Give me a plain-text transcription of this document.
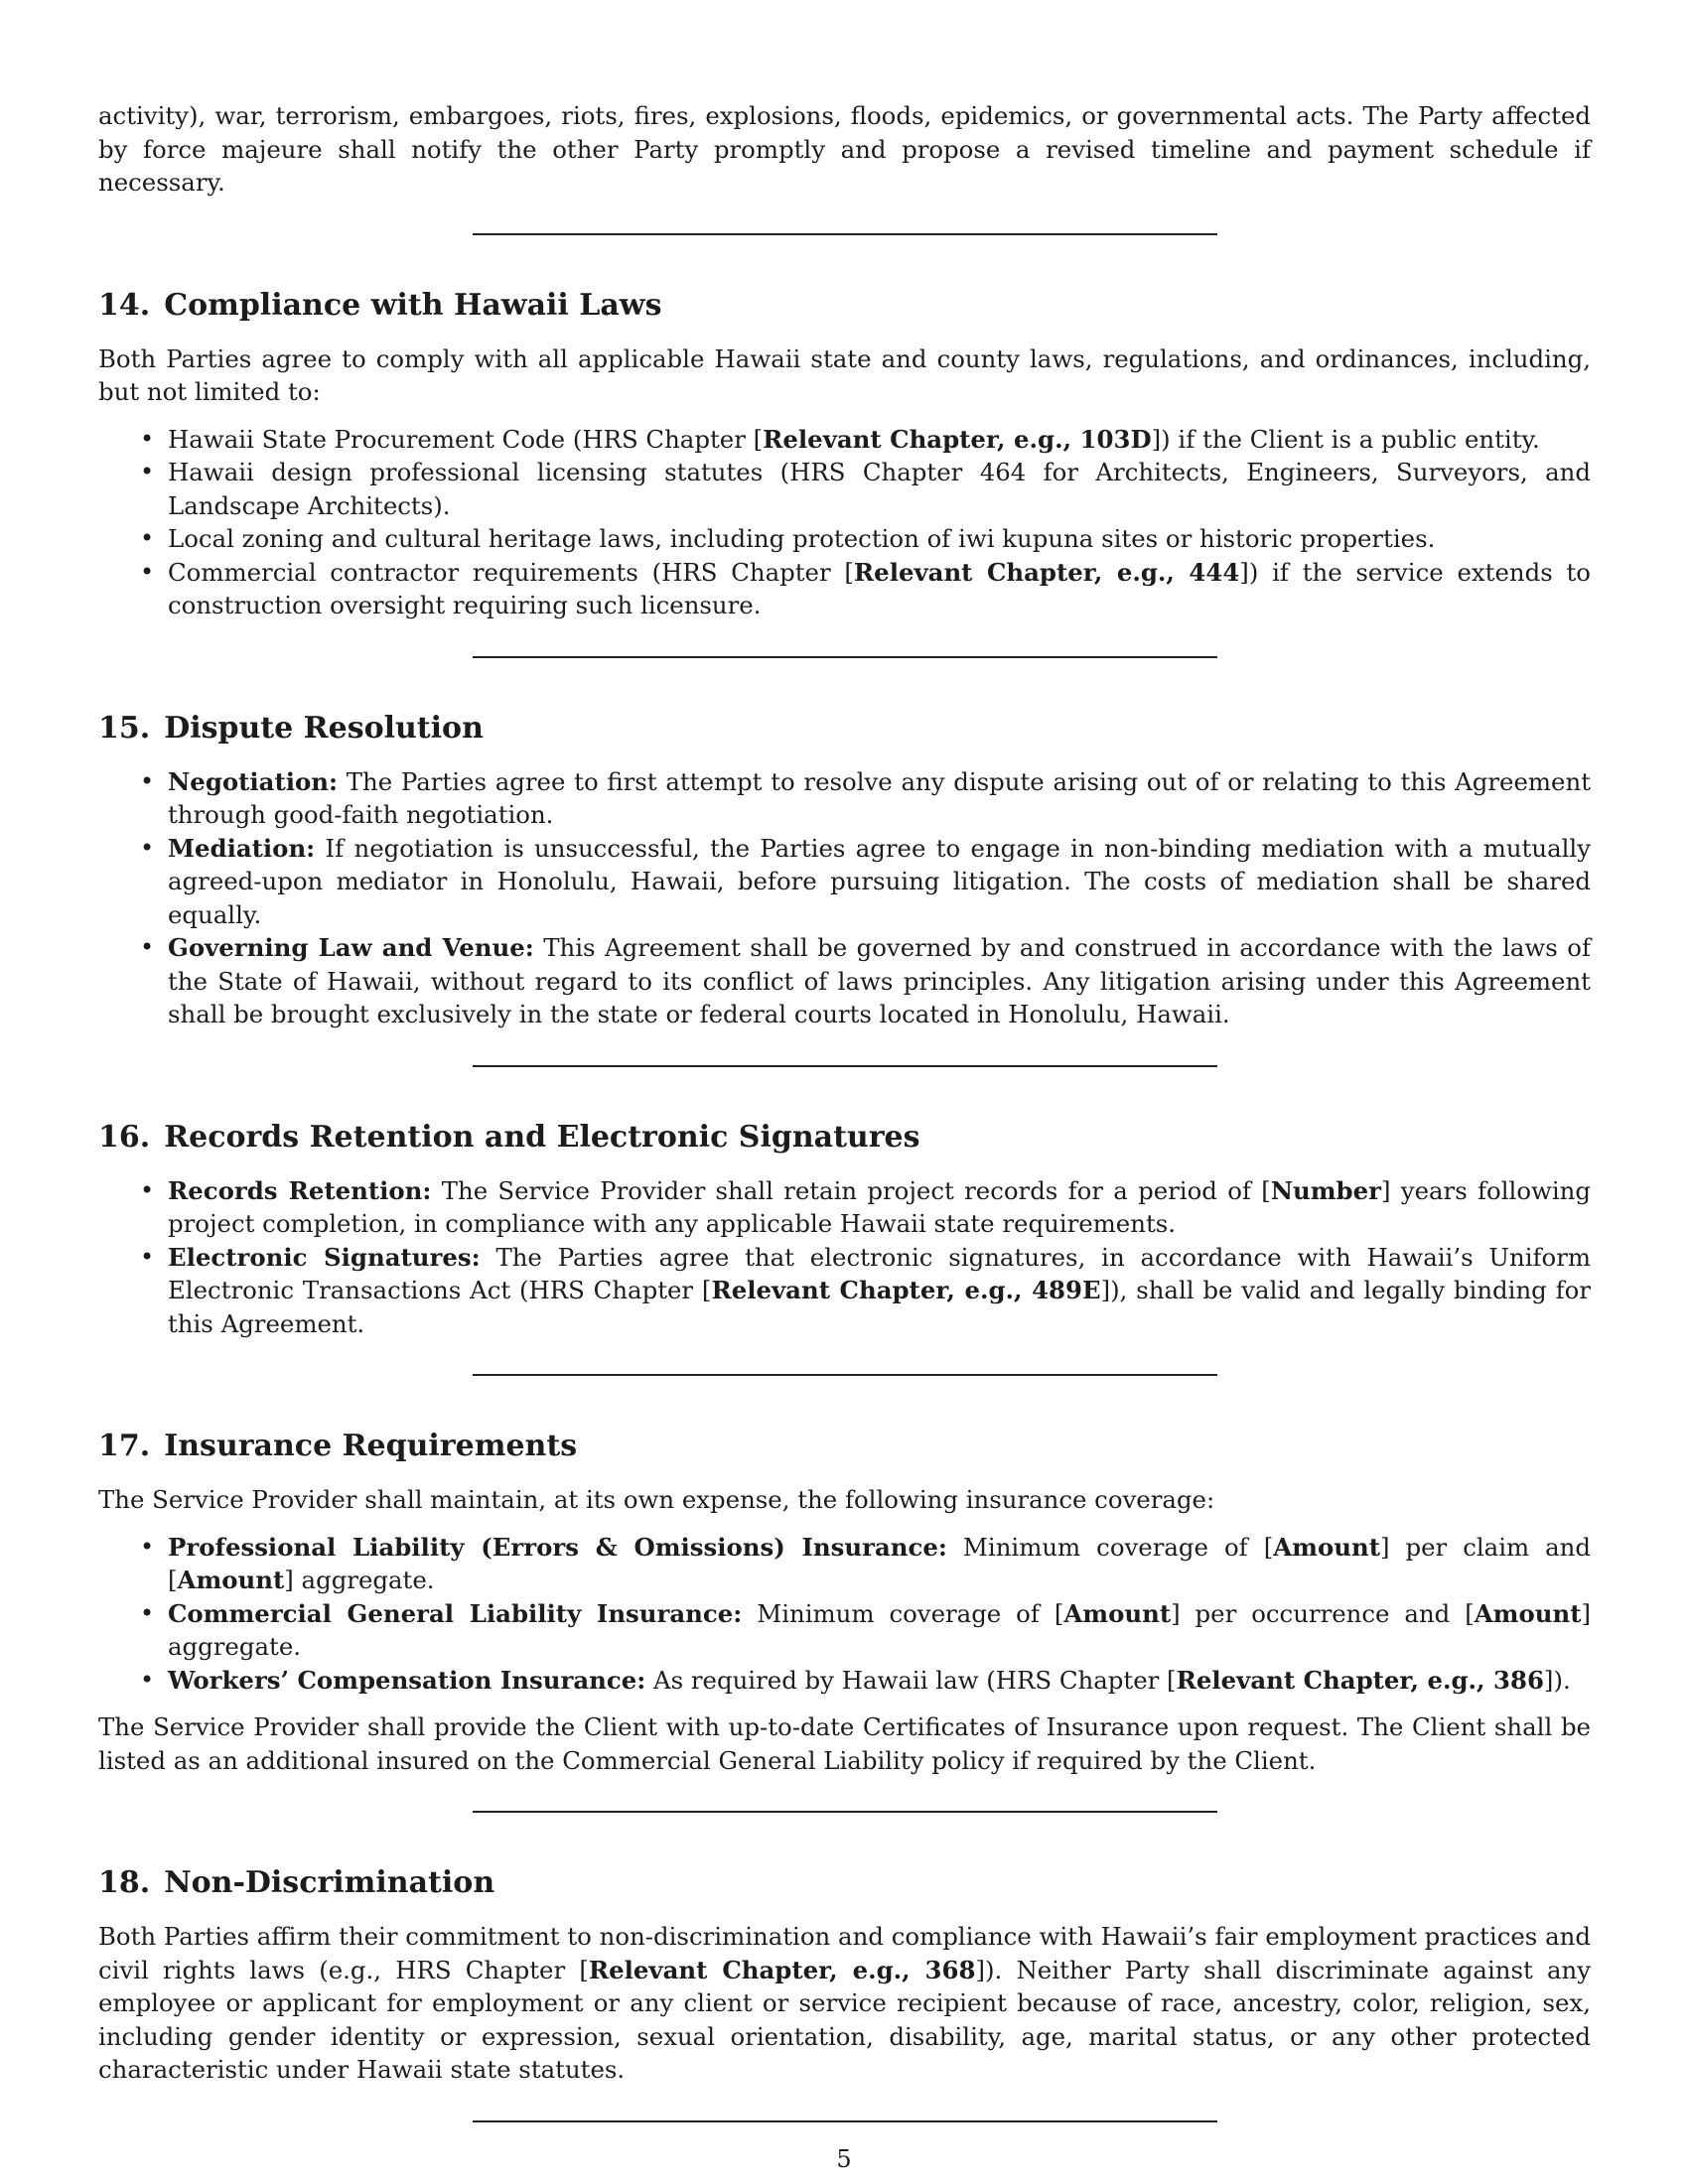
activity), war, terrorism, embargoes, riots, fires, explosions, floods, epidemics, or governmental acts. The Party affected by force majeure shall notify the other Party promptly and propose a revised timeline and payment schedule if necessary.

14. Compliance with Hawaii Laws

Both Parties agree to comply with all applicable Hawaii state and county laws, regulations, and ordinances, including, but not limited to:

• Hawaii State Procurement Code (HRS Chapter [Relevant Chapter, e.g., 103D]) if the Client is a public entity.
• Hawaii design professional licensing statutes (HRS Chapter 464 for Architects, Engineers, Surveyors, and Landscape Architects).
• Local zoning and cultural heritage laws, including protection of iwi kupuna sites or historic properties.
• Commercial contractor requirements (HRS Chapter [Relevant Chapter, e.g., 444]) if the service extends to construction oversight requiring such licensure.
15. Dispute Resolution
• Negotiation: The Parties agree to first attempt to resolve any dispute arising out of or relating to this Agreement through good-faith negotiation.
• Mediation: If negotiation is unsuccessful, the Parties agree to engage in non-binding mediation with a mutually agreed-upon mediator in Honolulu, Hawaii, before pursuing litigation. The costs of mediation shall be shared equally.
• Governing Law and Venue: This Agreement shall be governed by and construed in accordance with the laws of the State of Hawaii, without regard to its conflict of laws principles. Any litigation arising under this Agreement shall be brought exclusively in the state or federal courts located in Honolulu, Hawaii.
16. Records Retention and Electronic Signatures
• Records Retention: The Service Provider shall retain project records for a period of [Number] years following project completion, in compliance with any applicable Hawaii state requirements.
• Electronic Signatures: The Parties agree that electronic signatures, in accordance with Hawaii’s Uniform Electronic Transactions Act (HRS Chapter [Relevant Chapter, e.g., 489E]), shall be valid and legally binding for this Agreement.
17. Insurance Requirements

The Service Provider shall maintain, at its own expense, the following insurance coverage:

• Professional Liability (Errors & Omissions) Insurance: Minimum coverage of [Amount] per claim and [Amount] aggregate.
• Commercial General Liability Insurance: Minimum coverage of [Amount] per occurrence and [Amount] aggregate.
• Workers’ Compensation Insurance: As required by Hawaii law (HRS Chapter [Relevant Chapter, e.g., 386]).

The Service Provider shall provide the Client with up-to-date Certificates of Insurance upon request. The Client shall be listed as an additional insured on the Commercial General Liability policy if required by the Client.

18. Non-Discrimination

Both Parties affirm their commitment to non-discrimination and compliance with Hawaii’s fair employment practices and civil rights laws (e.g., HRS Chapter [Relevant Chapter, e.g., 368]). Neither Party shall discriminate against any employee or applicant for employment or any client or service recipient because of race, ancestry, color, religion, sex, including gender identity or expression, sexual orientation, disability, age, marital status, or any other protected characteristic under Hawaii state statutes.

5
